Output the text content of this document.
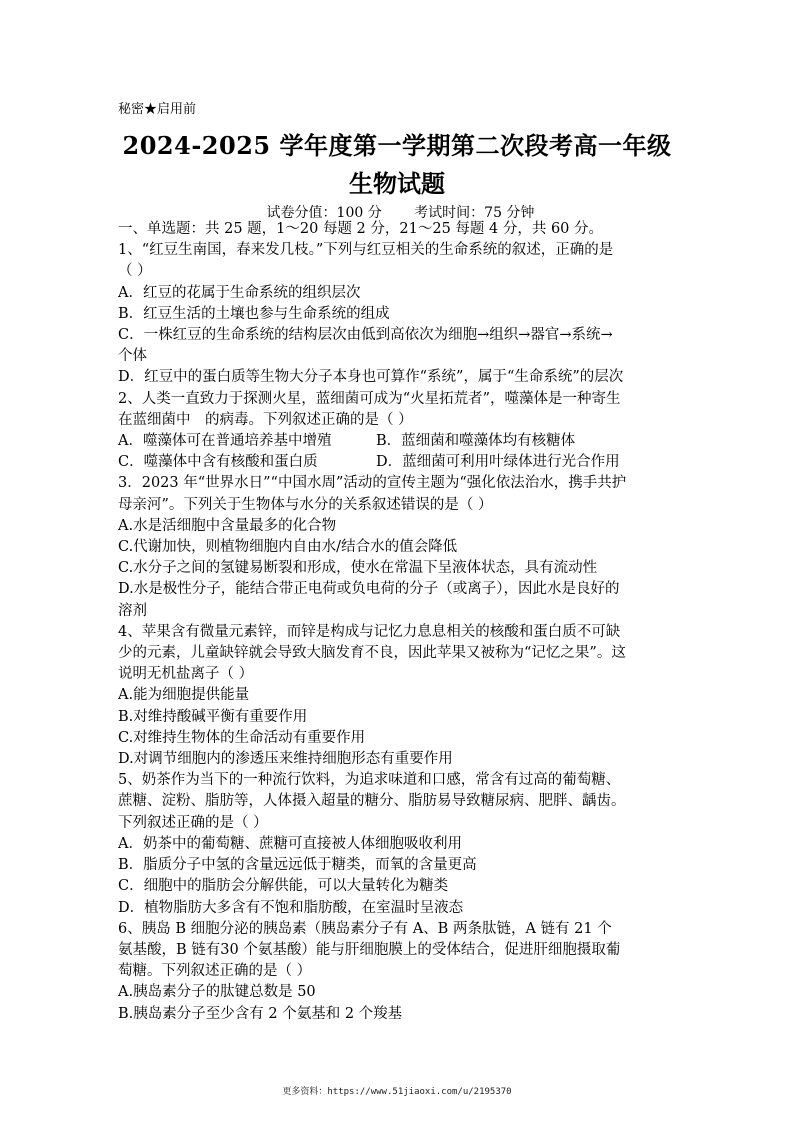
秘密★启用前
2024-2025 学年度第一学期第二次段考高一年级
生物试题
试卷分值：100 分 考试时间：75 分钟
一、单选题：共 25 题，1～20 每题 2 分，21～25 每题 4 分，共 60 分。
1、“红豆生南国，春来发几枝。”下列与红豆相关的生命系统的叙述，正确的是
（ ）
A．红豆的花属于生命系统的组织层次
B．红豆生活的土壤也参与生命系统的组成
C．一株红豆的生命系统的结构层次由低到高依次为细胞→组织→器官→系统→
个体
D．红豆中的蛋白质等生物大分子本身也可算作“系统”，属于“生命系统”的层次
2、人类一直致力于探测火星，蓝细菌可成为“火星拓荒者”，噬藻体是一种寄生
在蓝细菌中　的病毒。下列叙述正确的是（ ）
A．噬藻体可在普通培养基中增殖	B．蓝细菌和噬藻体均有核糖体
C．噬藻体中含有核酸和蛋白质	D．蓝细菌可利用叶绿体进行光合作用
3．2023 年“世界水日”“中国水周”活动的宣传主题为“强化依法治水，携手共护
母亲河”。下列关于生物体与水分的关系叙述错误的是（ ）
A.水是活细胞中含量最多的化合物
C.代谢加快，则植物细胞内自由水/结合水的值会降低
C.水分子之间的氢键易断裂和形成，使水在常温下呈液体状态，具有流动性
D.水是极性分子，能结合带正电荷或负电荷的分子（或离子），因此水是良好的
溶剂
4、苹果含有微量元素锌，而锌是构成与记忆力息息相关的核酸和蛋白质不可缺
少的元素，儿童缺锌就会导致大脑发育不良，因此苹果又被称为“记忆之果”。这
说明无机盐离子（ ）
A.能为细胞提供能量
B.对维持酸碱平衡有重要作用
C.对维持生物体的生命活动有重要作用
D.对调节细胞内的渗透压来维持细胞形态有重要作用
5、奶茶作为当下的一种流行饮料，为追求味道和口感，常含有过高的葡萄糖、
蔗糖、淀粉、脂肪等，人体摄入超量的糖分、脂肪易导致糖尿病、肥胖、龋齿。
下列叙述正确的是（ ）
A．奶茶中的葡萄糖、蔗糖可直接被人体细胞吸收利用
B．脂质分子中氢的含量远远低于糖类，而氧的含量更高
C．细胞中的脂肪会分解供能，可以大量转化为糖类
D．植物脂肪大多含有不饱和脂肪酸，在室温时呈液态
6、胰岛 B 细胞分泌的胰岛素（胰岛素分子有 A、B 两条肽链，A 链有 21 个
氨基酸，B 链有30 个氨基酸）能与肝细胞膜上的受体结合，促进肝细胞摄取葡
萄糖。下列叙述正确的是（ ）
A.胰岛素分子的肽键总数是 50
B.胰岛素分子至少含有 2 个氨基和 2 个羧基
更多资料：https://www.51jiaoxi.com/u/2195370
